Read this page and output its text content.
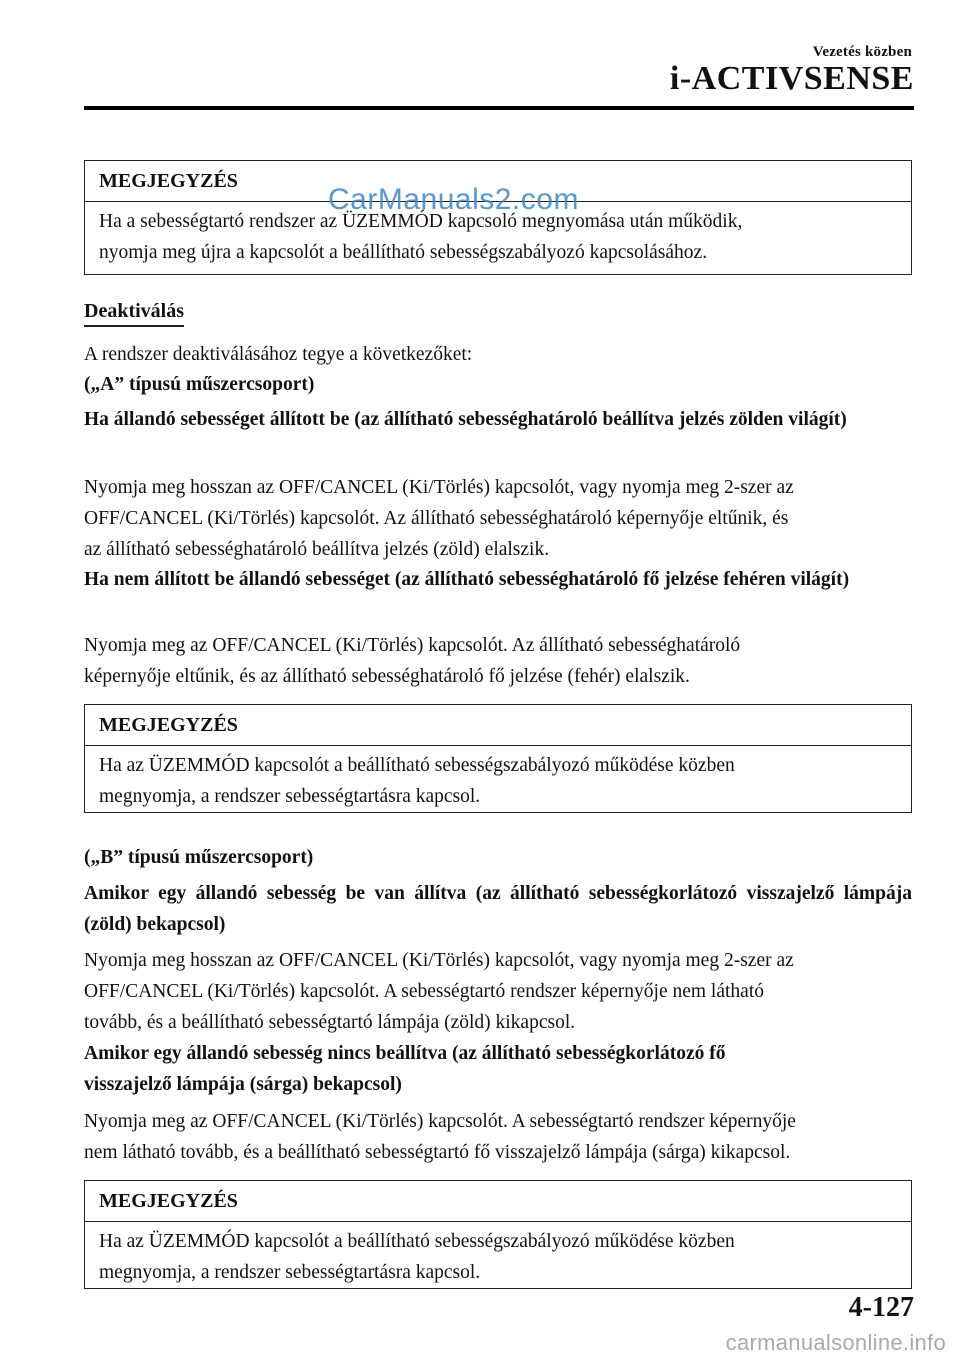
Vezetés közben
i-ACTIVSENSE
MEGJEGYZÉS
Ha a sebességtartó rendszer az ÜZEMMÓD kapcsoló megnyomása után működik,
nyomja meg újra a kapcsolót a beállítható sebességszabályozó kapcsolásához.
CarManuals2.com
Deaktiválás
A rendszer deaktiválásához tegye a következőket:
(„A” típusú műszercsoport)
Ha állandó sebességet állított be (az állítható sebességhatároló beállítva jelzés zölden világít)
Nyomja meg hosszan az OFF/CANCEL (Ki/Törlés) kapcsolót, vagy nyomja meg 2-szer az
OFF/CANCEL (Ki/Törlés) kapcsolót. Az állítható sebességhatároló képernyője eltűnik, és
az állítható sebességhatároló beállítva jelzés (zöld) elalszik.
Ha nem állított be állandó sebességet (az állítható sebességhatároló fő jelzése fehéren világít)
Nyomja meg az OFF/CANCEL (Ki/Törlés) kapcsolót. Az állítható sebességhatároló
képernyője eltűnik, és az állítható sebességhatároló fő jelzése (fehér) elalszik.
MEGJEGYZÉS
Ha az ÜZEMMÓD kapcsolót a beállítható sebességszabályozó működése közben
megnyomja, a rendszer sebességtartásra kapcsol.
(„B” típusú műszercsoport)
Amikor egy állandó sebesség be van állítva (az állítható sebességkorlátozó visszajelző lámpája (zöld) bekapcsol)
Nyomja meg hosszan az OFF/CANCEL (Ki/Törlés) kapcsolót, vagy nyomja meg 2-szer az
OFF/CANCEL (Ki/Törlés) kapcsolót. A sebességtartó rendszer képernyője nem látható
tovább, és a beállítható sebességtartó lámpája (zöld) kikapcsol.
Amikor egy állandó sebesség nincs beállítva (az állítható sebességkorlátozó fő
visszajelző lámpája (sárga) bekapcsol)
Nyomja meg az OFF/CANCEL (Ki/Törlés) kapcsolót. A sebességtartó rendszer képernyője
nem látható tovább, és a beállítható sebességtartó fő visszajelző lámpája (sárga) kikapcsol.
MEGJEGYZÉS
Ha az ÜZEMMÓD kapcsolót a beállítható sebességszabályozó működése közben
megnyomja, a rendszer sebességtartásra kapcsol.
4-127
carmanualsonline.info
